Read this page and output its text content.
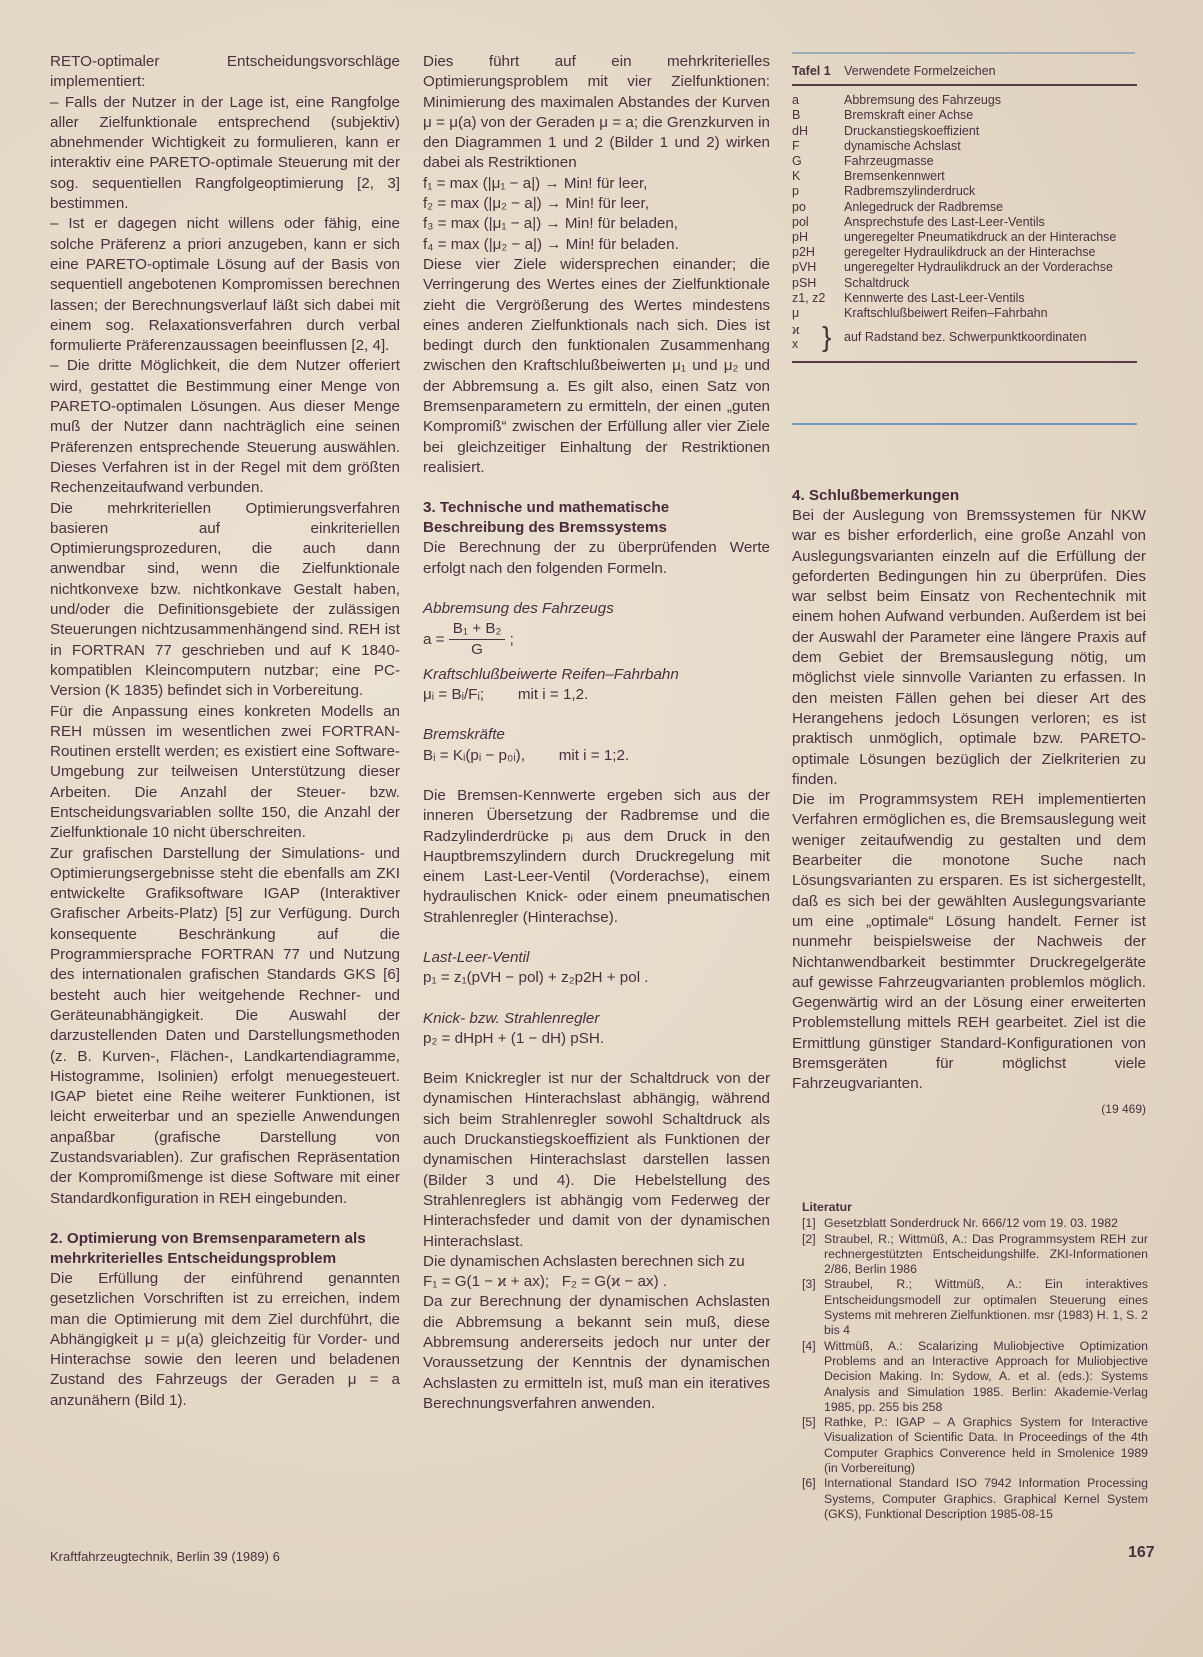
RETO-optimaler Entscheidungsvorschläge implementiert:

– Falls der Nutzer in der Lage ist, eine Rangfolge aller Zielfunktionale entsprechend (subjektiv) abnehmender Wichtigkeit zu formulieren, kann er interaktiv eine PARETO-optimale Steuerung mit der sog. sequentiellen Rangfolgeoptimierung [2, 3] bestimmen.

– Ist er dagegen nicht willens oder fähig, eine solche Präferenz a priori anzugeben, kann er sich eine PARETO-optimale Lösung auf der Basis von sequentiell angebotenen Kompromissen berechnen lassen; der Berechnungsverlauf läßt sich dabei mit einem sog. Relaxationsverfahren durch verbal formulierte Präferenzaussagen beeinflussen [2, 4].

– Die dritte Möglichkeit, die dem Nutzer offeriert wird, gestattet die Bestimmung einer Menge von PARETO-optimalen Lösungen. Aus dieser Menge muß der Nutzer dann nachträglich eine seinen Präferenzen entsprechende Steuerung auswählen. Dieses Verfahren ist in der Regel mit dem größten Rechenzeitaufwand verbunden.

Die mehrkriteriellen Optimierungsverfahren basieren auf einkriteriellen Optimierungsprozeduren, die auch dann anwendbar sind, wenn die Zielfunktionale nichtkonvexe bzw. nichtkonkave Gestalt haben, und/oder die Definitionsgebiete der zulässigen Steuerungen nichtzusammenhängend sind. REH ist in FORTRAN 77 geschrieben und auf K 1840-kompatiblen Kleincomputern nutzbar; eine PC-Version (K 1835) befindet sich in Vorbereitung.

Für die Anpassung eines konkreten Modells an REH müssen im wesentlichen zwei FORTRAN-Routinen erstellt werden; es existiert eine Software-Umgebung zur teilweisen Unterstützung dieser Arbeiten. Die Anzahl der Steuer- bzw. Entscheidungsvariablen sollte 150, die Anzahl der Zielfunktionale 10 nicht überschreiten.

Zur grafischen Darstellung der Simulations- und Optimierungsergebnisse steht die ebenfalls am ZKI entwickelte Grafiksoftware IGAP (Interaktiver Grafischer Arbeits-Platz) [5] zur Verfügung. Durch konsequente Beschränkung auf die Programmiersprache FORTRAN 77 und Nutzung des internationalen grafischen Standards GKS [6] besteht auch hier weitgehende Rechner- und Geräteunabhängigkeit. Die Auswahl der darzustellenden Daten und Darstellungsmethoden (z. B. Kurven-, Flächen-, Landkartendiagramme, Histogramme, Isolinien) erfolgt menuegesteuert. IGAP bietet eine Reihe weiterer Funktionen, ist leicht erweiterbar und an spezielle Anwendungen anpaßbar (grafische Darstellung von Zustandsvariablen). Zur grafischen Repräsentation der Kompromißmenge ist diese Software mit einer Standardkonfiguration in REH eingebunden.

2. Optimierung von Bremsenparametern als mehrkriterielles Entscheidungsproblem

Die Erfüllung der einführend genannten gesetzlichen Vorschriften ist zu erreichen, indem man die Optimierung mit dem Ziel durchführt, die Abhängigkeit μ = μ(a) gleichzeitig für Vorder- und Hinterachse sowie den leeren und beladenen Zustand des Fahrzeugs der Geraden μ = a anzunähern (Bild 1).

Dies führt auf ein mehrkriterielles Optimierungsproblem mit vier Zielfunktionen: Minimierung des maximalen Abstandes der Kurven μ = μ(a) von der Geraden μ = a; die Grenzkurven in den Diagrammen 1 und 2 (Bilder 1 und 2) wirken dabei als Restriktionen

f₁ = max (|μ₁ − a|) → Min! für leer,
f₂ = max (|μ₂ − a|) → Min! für leer,
f₃ = max (|μ₁ − a|) → Min! für beladen,
f₄ = max (|μ₂ − a|) → Min! für beladen.

Diese vier Ziele widersprechen einander; die Verringerung des Wertes eines der Zielfunktionale zieht die Vergrößerung des Wertes mindestens eines anderen Zielfunktionals nach sich. Dies ist bedingt durch den funktionalen Zusammenhang zwischen den Kraftschlußbeiwerten μ₁ und μ₂ und der Abbremsung a. Es gilt also, einen Satz von Bremsenparametern zu ermitteln, der einen „guten Kompromiß“ zwischen der Erfüllung aller vier Ziele bei gleichzeitiger Einhaltung der Restriktionen realisiert.

3. Technische und mathematische Beschreibung des Bremssystems

Die Berechnung der zu überprüfenden Werte erfolgt nach den folgenden Formeln.

Abbremsung des Fahrzeugs
$a = \frac{\text{B₁ + B₂}}{G}$ ;
Kraftschlußbeiwerte Reifen–Fahrbahn
μᵢ = Bᵢ/Fᵢ;        mit i = 1,2.
Bremskräfte
Bᵢ = Kᵢ(pᵢ − p₀ᵢ),        mit i = 1;2.

Die Bremsen-Kennwerte ergeben sich aus der inneren Übersetzung der Radbremse und die Radzylinderdrücke pᵢ aus dem Druck in den Hauptbremszylindern durch Druckregelung mit einem Last-Leer-Ventil (Vorderachse), einem hydraulischen Knick- oder einem pneumatischen Strahlenregler (Hinterachse).

Last-Leer-Ventil
p₁ = z₁(pVH − pol) + z₂p2H + pol .
Knick- bzw. Strahlenregler
p₂ = dHpH + (1 − dH) pSH.

Beim Knickregler ist nur der Schaltdruck von der dynamischen Hinterachslast abhängig, während sich beim Strahlenregler sowohl Schaltdruck als auch Druckanstiegskoeffizient als Funktionen der dynamischen Hinterachslast darstellen lassen (Bilder 3 und 4). Die Hebelstellung des Strahlenreglers ist abhängig vom Federweg der Hinterachsfeder und damit von der dynamischen Hinterachslast.

Die dynamischen Achslasten berechnen sich zu

F₁ = G(1 − ϰ + ax);   F₂ = G(ϰ − ax) .

Da zur Berechnung der dynamischen Achslasten die Abbremsung a bekannt sein muß, diese Abbremsung andererseits jedoch nur unter der Voraussetzung der Kenntnis der dynamischen Achslasten zu ermitteln ist, muß man ein iteratives Berechnungsverfahren anwenden.

Tafel 1 Verwendete Formelzeichen
a	Abbremsung des Fahrzeugs
B	Bremskraft einer Achse
dH	Druckanstiegskoeffizient
F	dynamische Achslast
G	Fahrzeugmasse
K	Bremsenkennwert
p	Radbremszylinderdruck
po	Anlegedruck der Radbremse
pol	Ansprechstufe des Last-Leer-Ventils
pH	ungeregelter Pneumatikdruck an der Hinterachse
p2H	geregelter Hydraulikdruck an der Hinterachse
pVH	ungeregelter Hydraulikdruck an der Vorderachse
pSH	Schaltdruck
z1, z2	Kennwerte des Last-Leer-Ventils
μ	Kraftschlußbeiwert Reifen–Fahrbahn
ϰ
x }	auf Radstand bez. Schwerpunktkoordinaten
4. Schlußbemerkungen

Bei der Auslegung von Bremssystemen für NKW war es bisher erforderlich, eine große Anzahl von Auslegungsvarianten einzeln auf die Erfüllung der geforderten Bedingungen hin zu überprüfen. Dies war selbst beim Einsatz von Rechentechnik mit einem hohen Aufwand verbunden. Außerdem ist bei der Auswahl der Parameter eine längere Praxis auf dem Gebiet der Bremsauslegung nötig, um möglichst viele sinnvolle Varianten zu erfassen. In den meisten Fällen gehen bei dieser Art des Herangehens jedoch Lösungen verloren; es ist praktisch unmöglich, optimale bzw. PARETO-optimale Lösungen bezüglich der Zielkriterien zu finden.

Die im Programmsystem REH implementierten Verfahren ermöglichen es, die Bremsauslegung weit weniger zeitaufwendig zu gestalten und dem Bearbeiter die monotone Suche nach Lösungsvarianten zu ersparen. Es ist sichergestellt, daß es sich bei der gewählten Auslegungsvariante um eine „optimale“ Lösung handelt. Ferner ist nunmehr beispielsweise der Nachweis der Nichtanwendbarkeit bestimmter Druckregelgeräte auf gewisse Fahrzeugvarianten problemlos möglich. Gegenwärtig wird an der Lösung einer erweiterten Problemstellung mittels REH gearbeitet. Ziel ist die Ermittlung günstiger Standard-Konfigurationen von Bremsgeräten für möglichst viele Fahrzeugvarianten.

(19 469)
Literatur
[1] Gesetzblatt Sonderdruck Nr. 666/12 vom 19. 03. 1982
[2] Straubel, R.; Wittmüß, A.: Das Programmsystem REH zur rechnergestützten Entscheidungshilfe. ZKI-Informationen 2/86, Berlin 1986
[3] Straubel, R.; Wittmüß, A.: Ein interaktives Entscheidungsmodell zur optimalen Steuerung eines Systems mit mehreren Zielfunktionen. msr (1983) H. 1, S. 2 bis 4
[4] Wittmüß, A.: Scalarizing Muliobjective Optimization Problems and an Interactive Approach for Muliobjective Decision Making. In: Sydow, A. et al. (eds.): Systems Analysis and Simulation 1985. Berlin: Akademie-Verlag 1985, pp. 255 bis 258
[5] Rathke, P.: IGAP – A Graphics System for Interactive Visualization of Scientific Data. In Proceedings of the 4th Computer Graphics Converence held in Smolenice 1989 (in Vorbereitung)
[6] International Standard ISO 7942 Information Processing Systems, Computer Graphics. Graphical Kernel System (GKS), Funktional Description 1985-08-15
Kraftfahrzeugtechnik, Berlin 39 (1989) 6	167
